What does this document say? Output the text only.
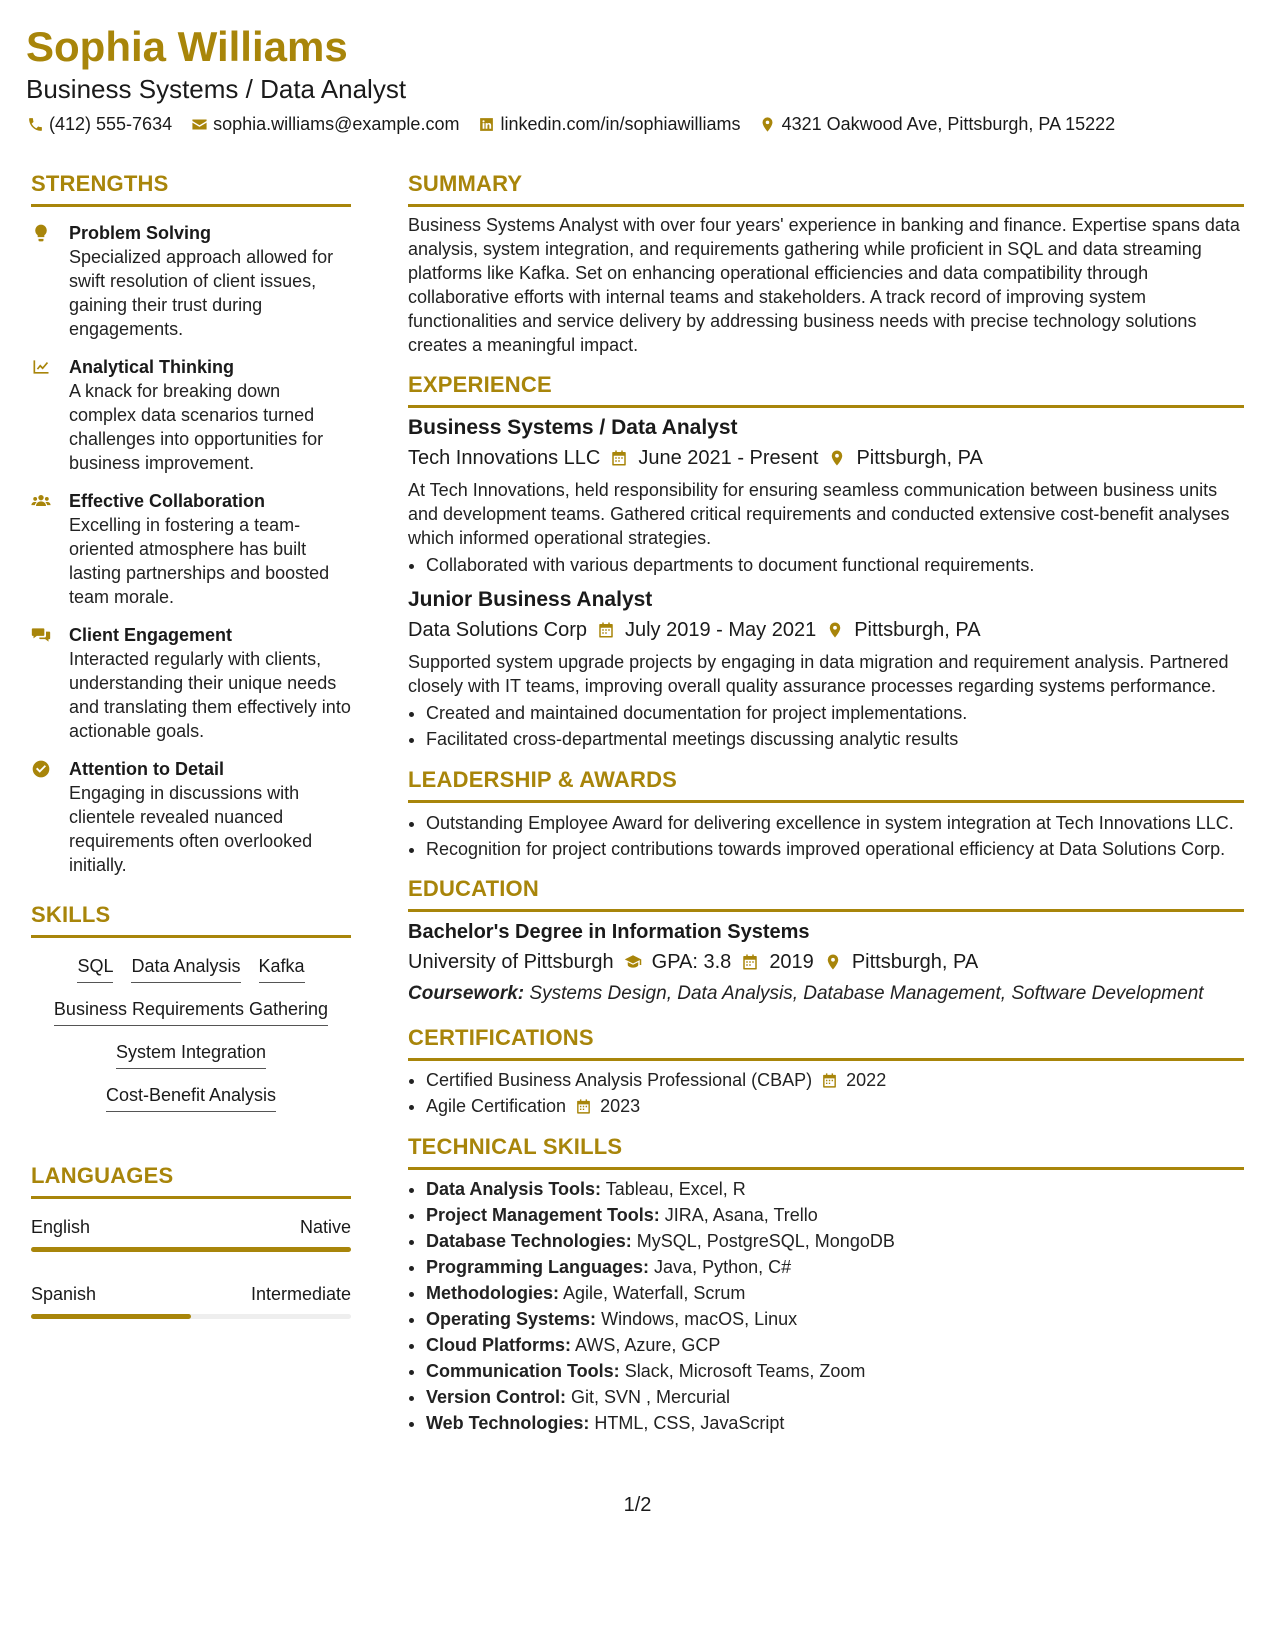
Sophia Williams
Business Systems / Data Analyst
(412) 555-7634 sophia.williams@example.com linkedin.com/in/sophiawilliams 4321 Oakwood Ave, Pittsburgh, PA 15222
STRENGTHS
Problem Solving
Specialized approach allowed for swift resolution of client issues, gaining their trust during engagements.
Analytical Thinking
A knack for breaking down complex data scenarios turned challenges into opportunities for business improvement.
Effective Collaboration
Excelling in fostering a team-oriented atmosphere has built lasting partnerships and boosted team morale.
Client Engagement
Interacted regularly with clients, understanding their unique needs and translating them effectively into actionable goals.
Attention to Detail
Engaging in discussions with clientele revealed nuanced requirements often overlooked initially.
SKILLS
SQL Data Analysis Kafka
Business Requirements Gathering
System Integration
Cost-Benefit Analysis
LANGUAGES
English	Native
Spanish	Intermediate
SUMMARY
Business Systems Analyst with over four years' experience in banking and finance. Expertise spans data analysis, system integration, and requirements gathering while proficient in SQL and data streaming platforms like Kafka. Set on enhancing operational efficiencies and data compatibility through collaborative efforts with internal teams and stakeholders. A track record of improving system functionalities and service delivery by addressing business needs with precise technology solutions creates a meaningful impact.
EXPERIENCE
Business Systems / Data Analyst
Tech Innovations LLC June 2021 - Present Pittsburgh, PA
At Tech Innovations, held responsibility for ensuring seamless communication between business units and development teams. Gathered critical requirements and conducted extensive cost-benefit analyses which informed operational strategies.
• Collaborated with various departments to document functional requirements.
Junior Business Analyst
Data Solutions Corp July 2019 - May 2021 Pittsburgh, PA
Supported system upgrade projects by engaging in data migration and requirement analysis. Partnered closely with IT teams, improving overall quality assurance processes regarding systems performance.
• Created and maintained documentation for project implementations.
• Facilitated cross-departmental meetings discussing analytic results
LEADERSHIP & AWARDS
• Outstanding Employee Award for delivering excellence in system integration at Tech Innovations LLC.
• Recognition for project contributions towards improved operational efficiency at Data Solutions Corp.
EDUCATION
Bachelor's Degree in Information Systems
University of Pittsburgh GPA: 3.8 2019 Pittsburgh, PA
Coursework: Systems Design, Data Analysis, Database Management, Software Development
CERTIFICATIONS
• Certified Business Analysis Professional (CBAP) 2022
• Agile Certification 2023
TECHNICAL SKILLS
• Data Analysis Tools: Tableau, Excel, R
• Project Management Tools: JIRA, Asana, Trello
• Database Technologies: MySQL, PostgreSQL, MongoDB
• Programming Languages: Java, Python, C#
• Methodologies: Agile, Waterfall, Scrum
• Operating Systems: Windows, macOS, Linux
• Cloud Platforms: AWS, Azure, GCP
• Communication Tools: Slack, Microsoft Teams, Zoom
• Version Control: Git, SVN , Mercurial
• Web Technologies: HTML, CSS, JavaScript
1/2
